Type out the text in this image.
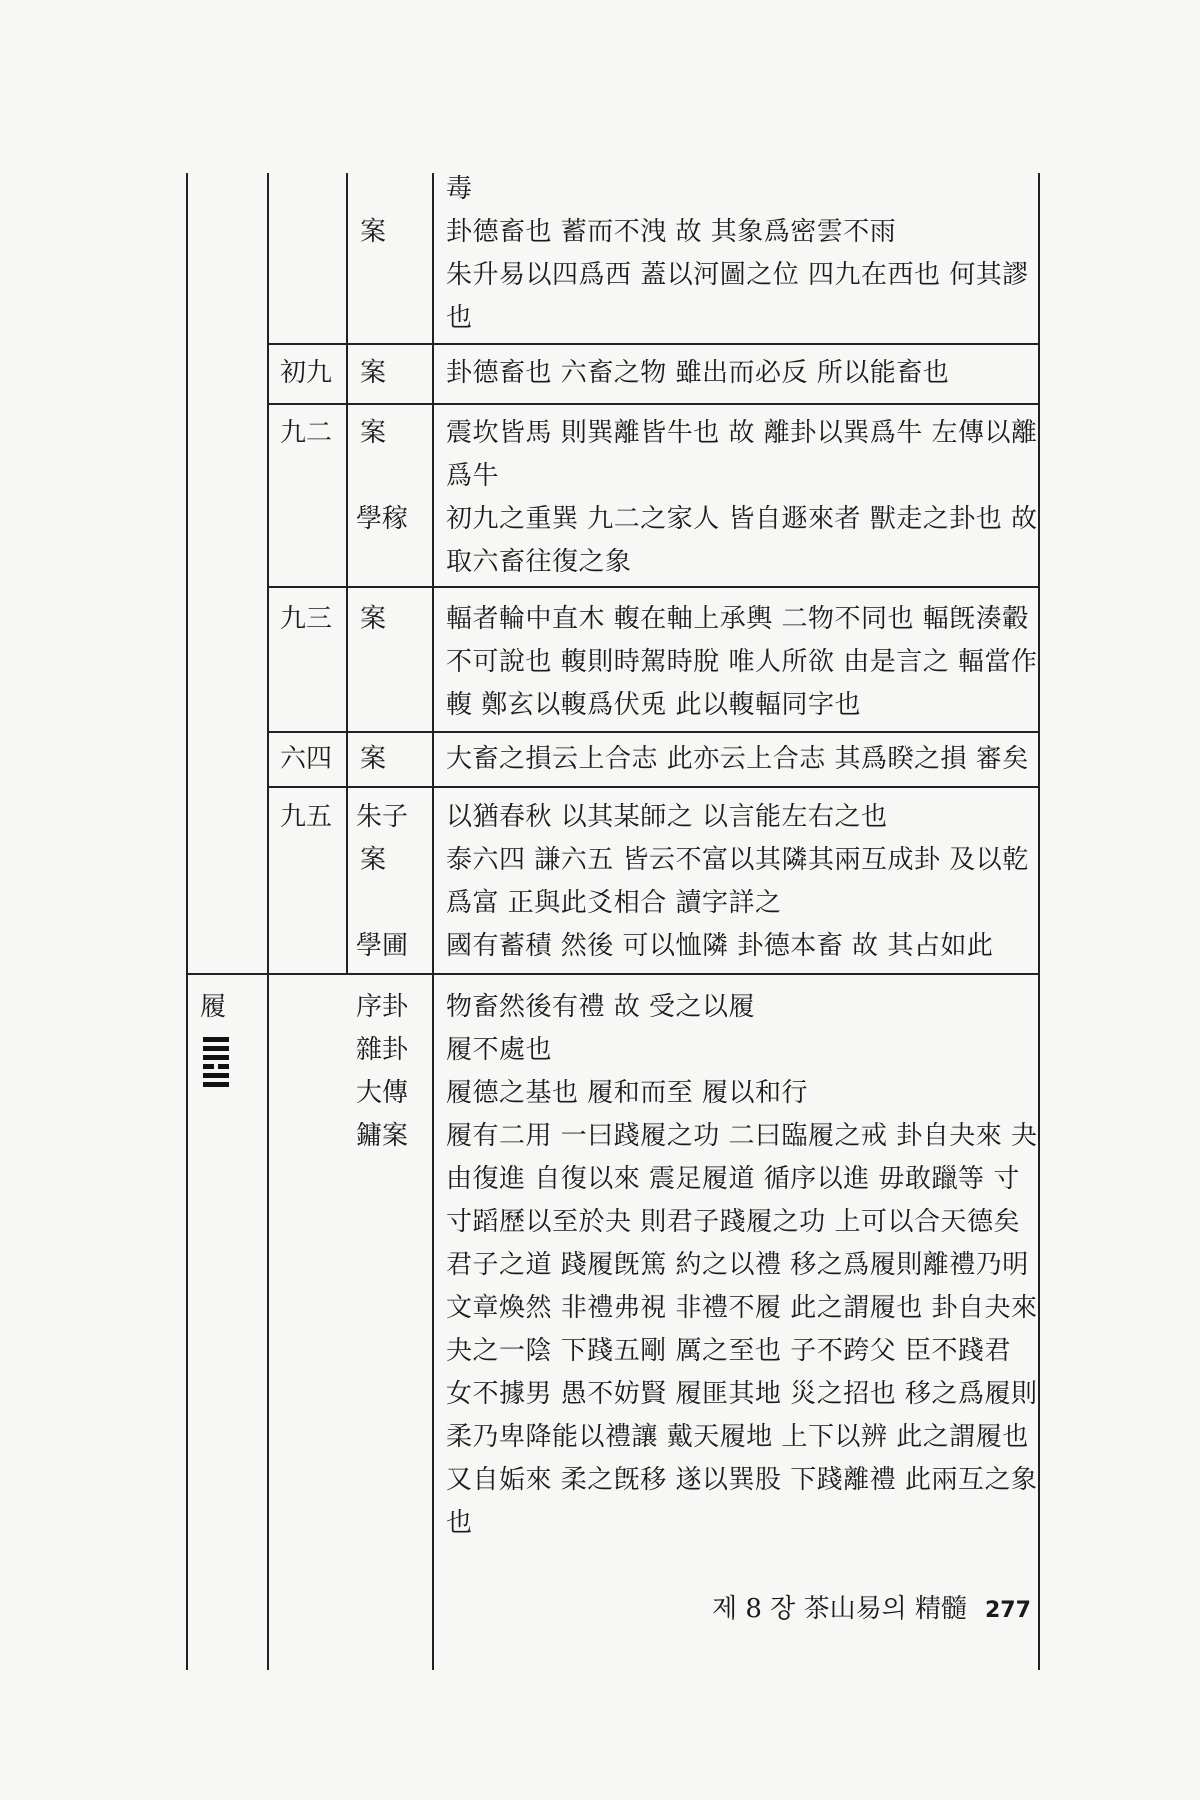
案
毒
卦德畜也 蓄而不洩 故 其象爲密雲不雨
朱升易以四爲西 蓋以河圖之位 四九在西也 何其謬
也
初九 案 卦德畜也 六畜之物 雖出而必反 所以能畜也
九二 案
學稼
震坎皆馬 則巽離皆牛也 故 離卦以巽爲牛 左傳以離
爲牛
初九之重巽 九二之家人 皆自遯來者 獸走之卦也 故
取六畜往復之象
九三 案 輻者輪中直木 輹在軸上承輿 二物不同也 輻旣湊轂
不可說也 輹則時駕時脫 唯人所欲 由是言之 輻當作
輹 鄭玄以輹爲伏兎 此以輹輻同字也
六四 案 大畜之損云上合志 此亦云上合志 其爲睽之損 審矣
九五 朱子
案
學圃
以猶春秋 以其某師之 以言能左右之也
泰六四 謙六五 皆云不富以其隣其兩互成卦 及以乾
爲富 正與此爻相合 讀字詳之
國有蓄積 然後 可以恤隣 卦德本畜 故 其占如此
履	序卦
雜卦
大傳
鏞案
物畜然後有禮 故 受之以履
履不處也
履德之基也 履和而至 履以和行
履有二用 一曰踐履之功 二曰臨履之戒 卦自夬來 夬
由復進 自復以來 震足履道 循序以進 毋敢躐等 寸
寸蹈歷以至於夬 則君子踐履之功 上可以合天德矣
君子之道 踐履旣篤 約之以禮 移之爲履則離禮乃明
文章煥然 非禮弗視 非禮不履 此之謂履也 卦自夬來
夬之一陰 下踐五剛 厲之至也 子不跨父 臣不踐君
女不據男 愚不妨賢 履匪其地 災之招也 移之爲履則
柔乃卑降能以禮讓 戴天履地 上下以辨 此之謂履也
又自姤來 柔之旣移 遂以巽股 下踐離禮 此兩互之象
也
제 8 장 茶山易의 精髓 277
